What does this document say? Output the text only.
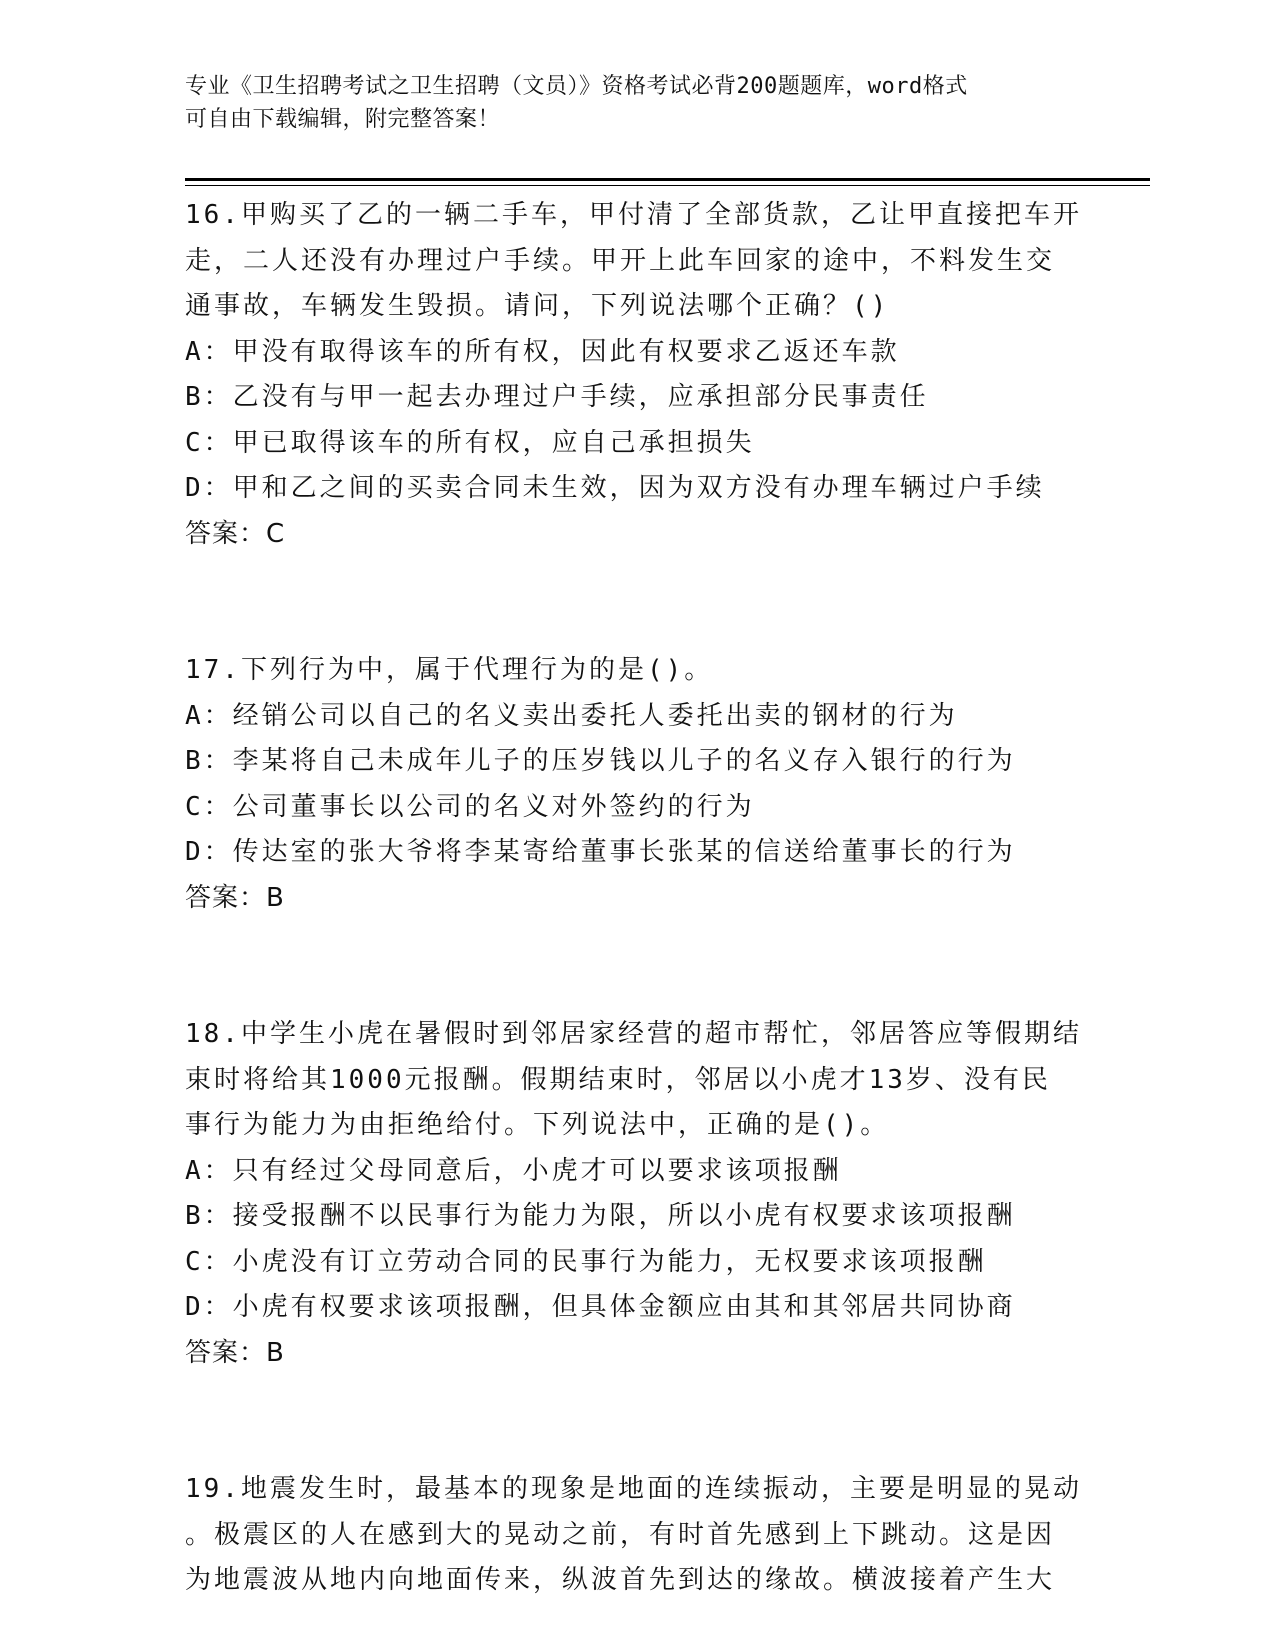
专业《卫生招聘考试之卫生招聘（文员）》资格考试必背200题题库，word格式
可自由下载编辑，附完整答案！
16.甲购买了乙的一辆二手车，甲付清了全部货款，乙让甲直接把车开
走，二人还没有办理过户手续。甲开上此车回家的途中，不料发生交
通事故，车辆发生毁损。请问，下列说法哪个正确？()
A：甲没有取得该车的所有权，因此有权要求乙返还车款
B：乙没有与甲一起去办理过户手续，应承担部分民事责任
C：甲已取得该车的所有权，应自己承担损失
D：甲和乙之间的买卖合同未生效，因为双方没有办理车辆过户手续
答案：C
17.下列行为中，属于代理行为的是()。
A：经销公司以自己的名义卖出委托人委托出卖的钢材的行为
B：李某将自己未成年儿子的压岁钱以儿子的名义存入银行的行为
C：公司董事长以公司的名义对外签约的行为
D：传达室的张大爷将李某寄给董事长张某的信送给董事长的行为
答案：B
18.中学生小虎在暑假时到邻居家经营的超市帮忙，邻居答应等假期结
束时将给其1000元报酬。假期结束时，邻居以小虎才13岁、没有民
事行为能力为由拒绝给付。下列说法中，正确的是()。
A：只有经过父母同意后，小虎才可以要求该项报酬
B：接受报酬不以民事行为能力为限，所以小虎有权要求该项报酬
C：小虎没有订立劳动合同的民事行为能力，无权要求该项报酬
D：小虎有权要求该项报酬，但具体金额应由其和其邻居共同协商
答案：B
19.地震发生时，最基本的现象是地面的连续振动，主要是明显的晃动
。极震区的人在感到大的晃动之前，有时首先感到上下跳动。这是因
为地震波从地内向地面传来，纵波首先到达的缘故。横波接着产生大
